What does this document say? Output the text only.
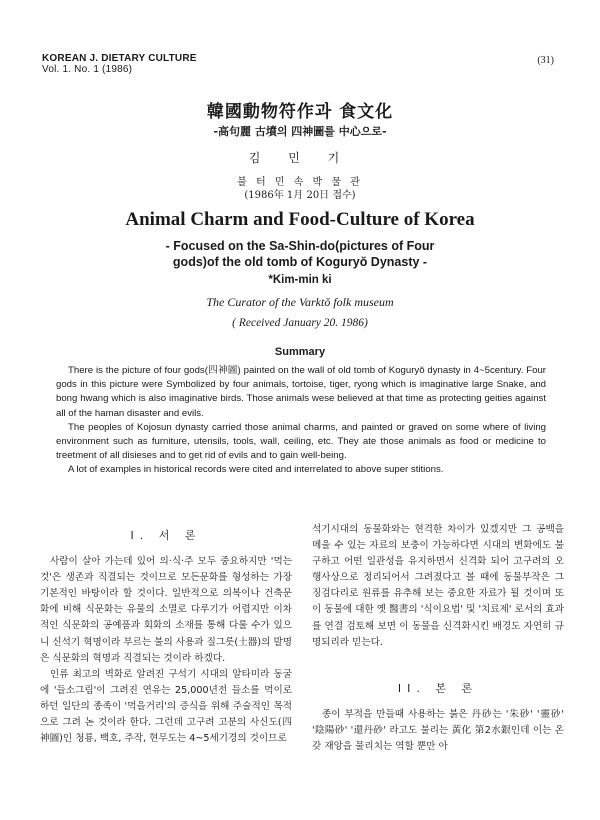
KOREAN J. DIETARY CULTURE
Vol. 1. No. 1 (1986)
(31)
韓國動物符作과 食文化
-高句麗 古墳의 四神圖를 中心으로-
김 민 기
불 터 민 속 박 물 관
(1986年 1月 20日 접수)
Animal Charm and Food-Culture of Korea
- Focused on the Sa-Shin-do(pictures of Four
gods)of the old tomb of Koguryŏ Dynasty -
*Kim-min ki
The Curator of the Varktŏ folk museum
( Received January 20. 1986)
Summary

There is the picture of four gods(四神圖) painted on the wall of old tomb of Koguryŏ dynasty in 4~5century. Four gods in this picture were Symbolized by four animals, tortoise, tiger, ryong which is imaginative large Snake, and bong hwang which is also imaginative birds. Those animals wese believed at that time as protecting geities against all of the haman disaster and evils.

The peoples of Kojosun dynasty carried those animal charms, and painted or graved on some where of living environment such as furniture, utensils, tools, wall, ceiling, etc. They ate those animals as food or medicine to treetment of all disieses and to get rid of evils and to gain well-being.

A lot of examples in historical records were cited and interrelated to above super stitions.

I. 서 론

사람이 살아 가는데 있어 의·식·주 모두 중요하지만 '먹는것'은 생존과 직결되는 것이므로 모든문화를 형성하는 가장 기본적인 바탕이라 할 것이다. 일반적으로 의복이나 건축문화에 비해 식문화는 유물의 소멸로 다루기가 어렵지만 이차적인 식문화의 공예품과 회화의 소재를 통해 다룰 수가 있으니 신석기 혁명이라 부르는 불의 사용과 질그릇(土器)의 발명은 식문화의 혁명과 직결되는 것이라 하겠다.

인류 최고의 벽화로 알려진 구석기 시대의 알타미라 동굴에 '들소그림'이 그려진 연유는 25,000년전 들소를 먹이로 하던 일단의 종족이 '먹을거리'의 증식을 위해 주술적인 목적으로 그려 논 것이라 한다. 그런데 고구려 고분의 사신도(四神圖)인 청룡, 백호, 주작, 현무도는 4~5세기경의 것이므로

석기시대의 동물화와는 현격한 차이가 있겠지만 그 공백을 메울 수 있는 자료의 보충이 가능하다면 시대의 변화에도 불구하고 어떤 일관성을 유지하면서 신격화 되어 고구려의 오행사상으로 정리되어서 그려졌다고 볼 때에 동물부작은 그 징검다리로 원류를 유추해 보는 중요한 자료가 될 것이며 또 이 동물에 대한 옛 醫書의 '식이요법' 및 '치료제' 로서의 효과를 연결 검토해 보면 이 동물을 신격화시킨 배경도 자연히 규명되리라 믿는다.

II. 본 론

종이 부적을 만들때 사용하는 붉은 丹砂는 '朱砂' '靈砂' '陰陽砂' '還丹砂' 라고도 불리는 黃化 第2水銀인데 이는 온갖 재앙을 물리치는 역할 뿐만 아
